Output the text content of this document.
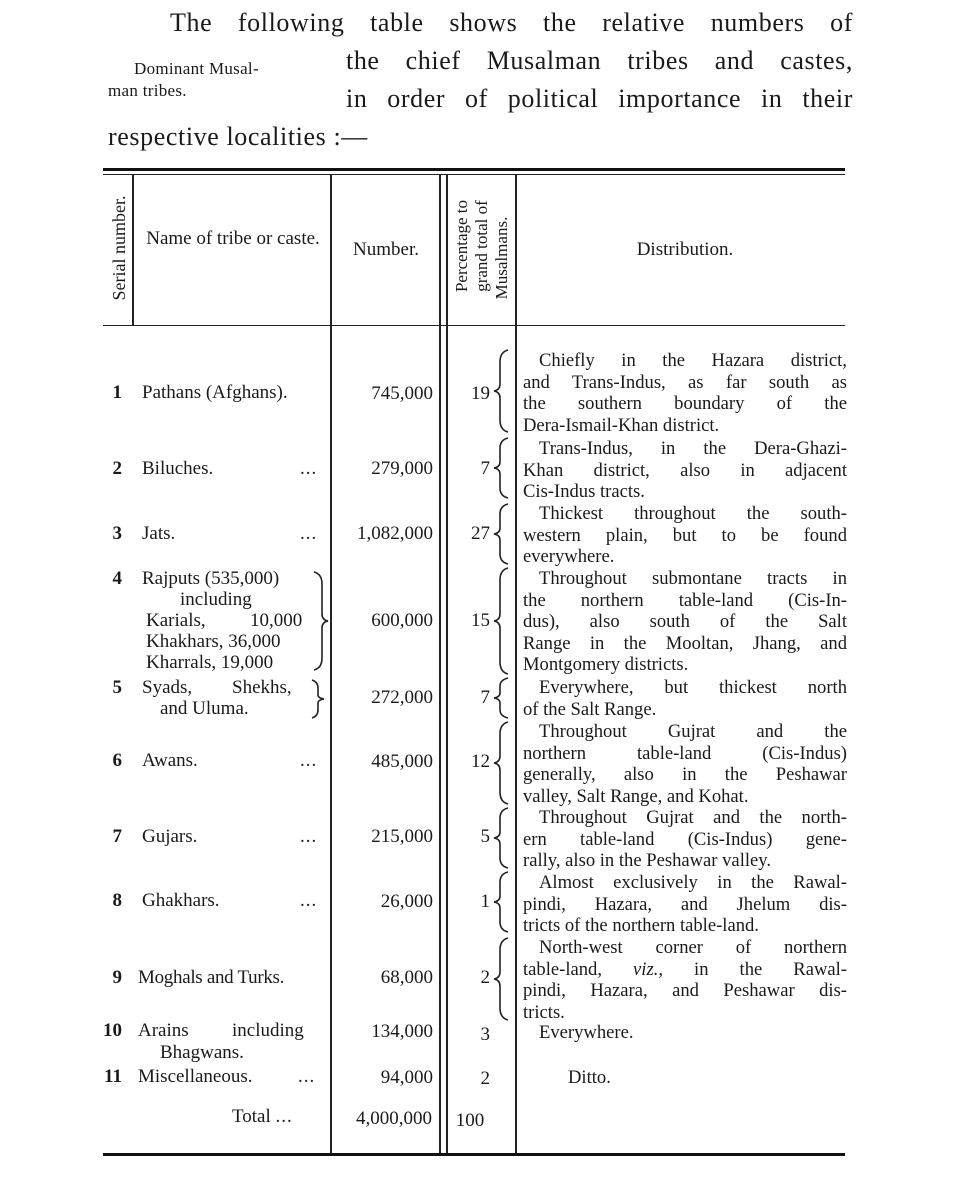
The following table shows the relative numbers of
the chief Musalman tribes and castes,
in order of political importance in their
respective localities :—
Dominant Musal-
man tribes.
Serial number. Name of tribe or caste.
Number.	Percentage to grand total of Musalmans.	Distribution.
1 Pathans (Afghans).	745,000	19
Chiefly in the Hazara district,
and Trans-Indus, as far south as
the southern boundary of the
Dera-Ismail-Khan district.
2 Biluches.	...	279,000	7
Trans-Indus, in the Dera-Ghazi-
Khan district, also in adjacent
Cis-Indus tracts.
3 Jats.	... 1,082,000	27
Thickest throughout the south-
western plain, but to be found
everywhere.
4 Rajputs (535,000)
including
Karials, 10,000
Khakhars, 36,000
Kharrals, 19,000
600,000	15
Throughout submontane tracts in
the northern table-land (Cis-In-
dus), also south of the Salt
Range in the Mooltan, Jhang, and
Montgomery districts.
5 Syads, Shekhs,
and Uluma.
272,000	7	Everywhere, but thickest north
of the Salt Range.
6 Awans.	...	485,000	12
Throughout Gujrat and the
northern table-land (Cis-Indus)
generally, also in the Peshawar
valley, Salt Range, and Kohat.
7 Gujars.	...	215,000	5
Throughout Gujrat and the north-
ern table-land (Cis-Indus) gene-
rally, also in the Peshawar valley.
8 Ghakhars.	...	26,000	1
Almost exclusively in the Rawal-
pindi, Hazara, and Jhelum dis-
tricts of the northern table-land.
9 Moghals and Turks.	68,000	2
North-west corner of northern
table-land, viz., in the Rawal-
pindi, Hazara, and Peshawar dis-
tricts.
10 Arains including
Bhagwans.
134,000	3	Everywhere.
11 Miscellaneous. ...	94,000	2	Ditto.
Total ...	4,000,000 100
